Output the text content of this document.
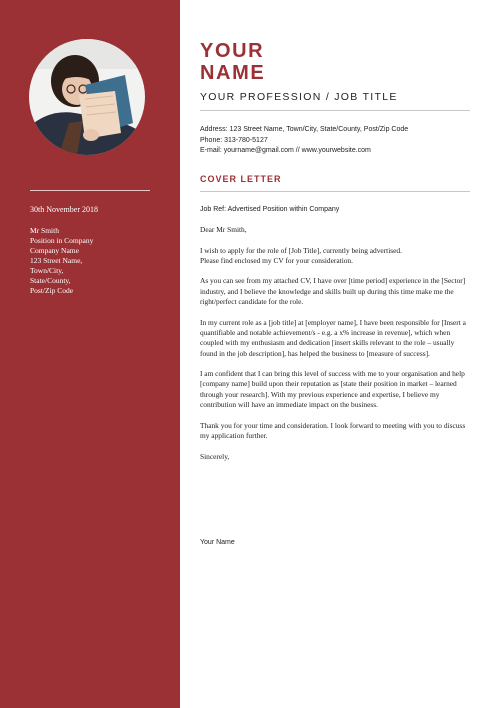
30th November 2018
Mr Smith
Position in Company
Company Name
123 Street Name,
Town/City,
State/County,
Post/Zip Code
YOUR
NAME
YOUR PROFESSION / JOB TITLE
Address: 123 Street Name, Town/City, State/County, Post/Zip Code
Phone: 313-780-5127
E-mail: yourname@gmail.com // www.yourwebsite.com
COVER LETTER
Job Ref: Advertised Position within Company

Dear Mr Smith,

I wish to apply for the role of [Job Title], currently being advertised.
Please find enclosed my CV for your consideration.

As you can see from my attached CV, I have over [time period] experience in the [Sector] industry, and I believe the knowledge and skills built up during this time make me the right/perfect candidate for the role.

In my current role as a [job title] at [employer name], I have been responsible for [Insert a quantifiable and notable achievement/s - e.g. a x% increase in revenue], which when coupled with my enthusiasm and dedication [insert skills relevant to the role – usually found in the job description], has helped the business to [measure of success].

I am confident that I can bring this level of success with me to your organisation and help [company name] build upon their reputation as [state their position in market – learned through your research]. With my previous experience and expertise, I believe my contribution will have an immediate impact on the business.

Thank you for your time and consideration. I look forward to meeting with you to discuss my application further.

Sincerely,

Your Name
